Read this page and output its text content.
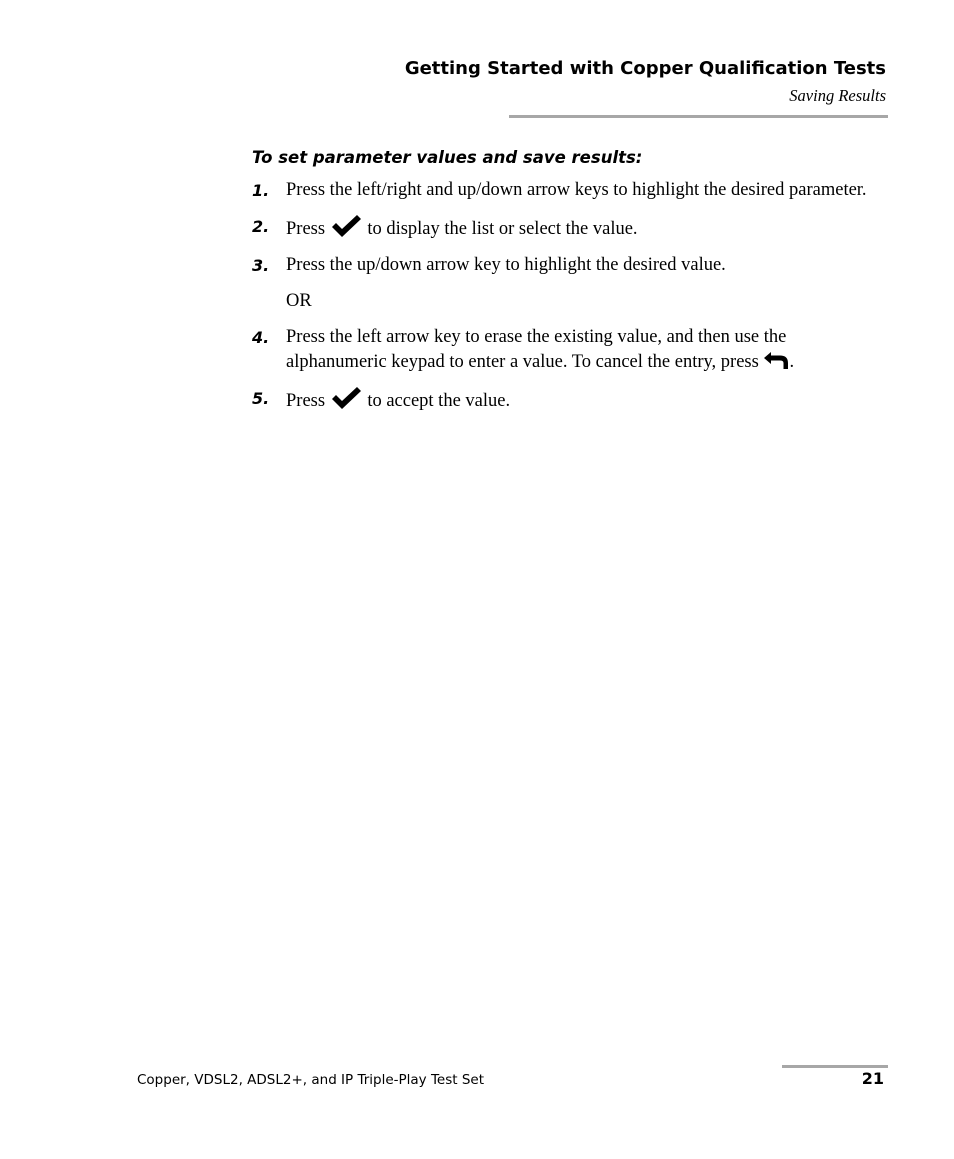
Getting Started with Copper Qualification Tests
Saving Results

To set parameter values and save results:

1. Press the left/right and up/down arrow keys to highlight the desired parameter.
2. Press
to display the list or select the value.
3. Press the up/down arrow key to highlight the desired value.
OR
4. Press the left arrow key to erase the existing value, and then use the alphanumeric keypad to enter a value. To cancel the entry, press
.
5. Press
to accept the value.
Copper, VDSL2, ADSL2+, and IP Triple-Play Test Set	21
